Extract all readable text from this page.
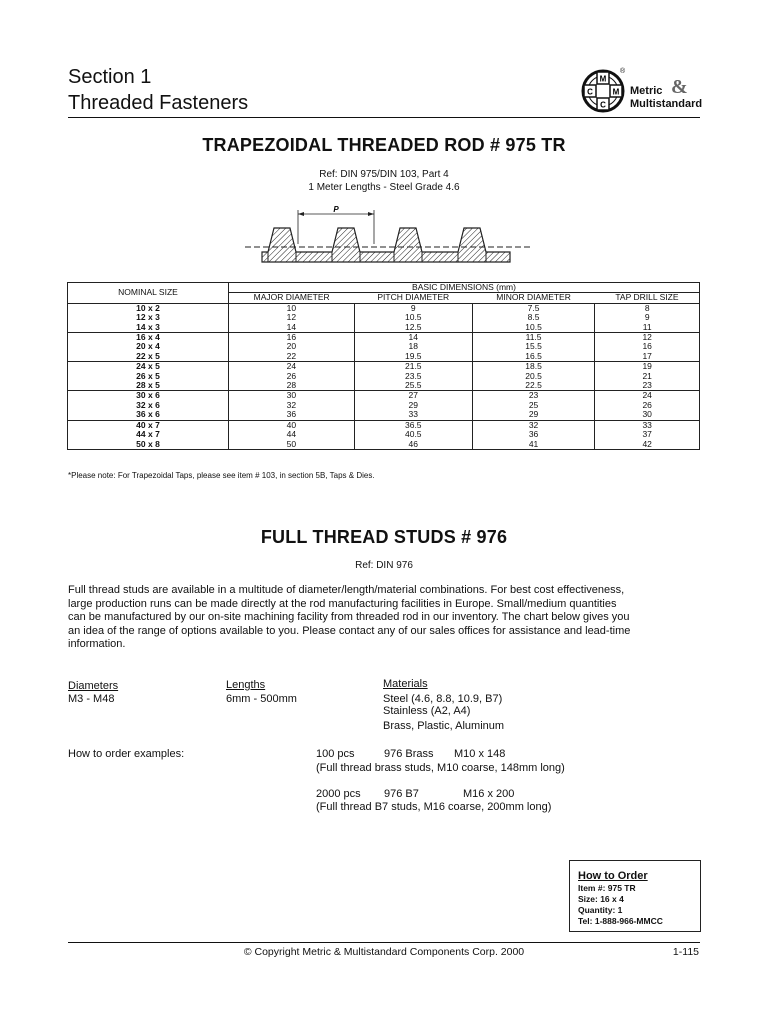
Section 1
Threaded Fasteners
M
C M
C
®
Metric &
Multistandard
TRAPEZOIDAL THREADED ROD # 975 TR
Ref: DIN 975/DIN 103, Part 4
1 Meter Lengths - Steel Grade 4.6
P
NOMINAL SIZE	BASIC DIMENSIONS (mm)			
	MAJOR DIAMETER	PITCH DIAMETER	MINOR DIAMETER	TAP DRILL SIZE
10 x 2	10	9	7.5	8
12 x 3	12	10.5	8.5	9
14 x 3	14	12.5	10.5	11
16 x 4	16	14	11.5	12
20 x 4	20	18	15.5	16
22 x 5	22	19.5	16.5	17
24 x 5	24	21.5	18.5	19
26 x 5	26	23.5	20.5	21
28 x 5	28	25.5	22.5	23
30 x 6	30	27	23	24
32 x 6	32	29	25	26
36 x 6	36	33	29	30
40 x 7	40	36.5	32	33
44 x 7	44	40.5	36	37
50 x 8	50	46	41	42
*Please note: For Trapezoidal Taps, please see item # 103, in section 5B, Taps & Dies.
FULL THREAD STUDS # 976
Ref: DIN 976
Full thread studs are available in a multitude of diameter/length/material combinations. For best cost effectiveness,
large production runs can be made directly at the rod manufacturing facilities in Europe. Small/medium quantities
can be manufactured by our on-site machining facility from threaded rod in our inventory. The chart below gives you
an idea of the range of options available to you. Please contact any of our sales offices for assistance and lead-time
information.
Diameters
M3 - M48
Lengths
6mm - 500mm
Materials
Steel (4.6, 8.8, 10.9, B7)
Stainless (A2, A4)
Brass, Plastic, Aluminum
How to order examples:	100 pcs	976 Brass M10 x 148
(Full thread brass studs, M10 coarse, 148mm long)
2000 pcs 976 B7	M16 x 200
(Full thread B7 studs, M16 coarse, 200mm long)
How to Order
Item #: 975 TR
Size: 16 x 4
Quantity: 1
Tel: 1-888-966-MMCC
© Copyright Metric & Multistandard Components Corp. 2000	1-115
